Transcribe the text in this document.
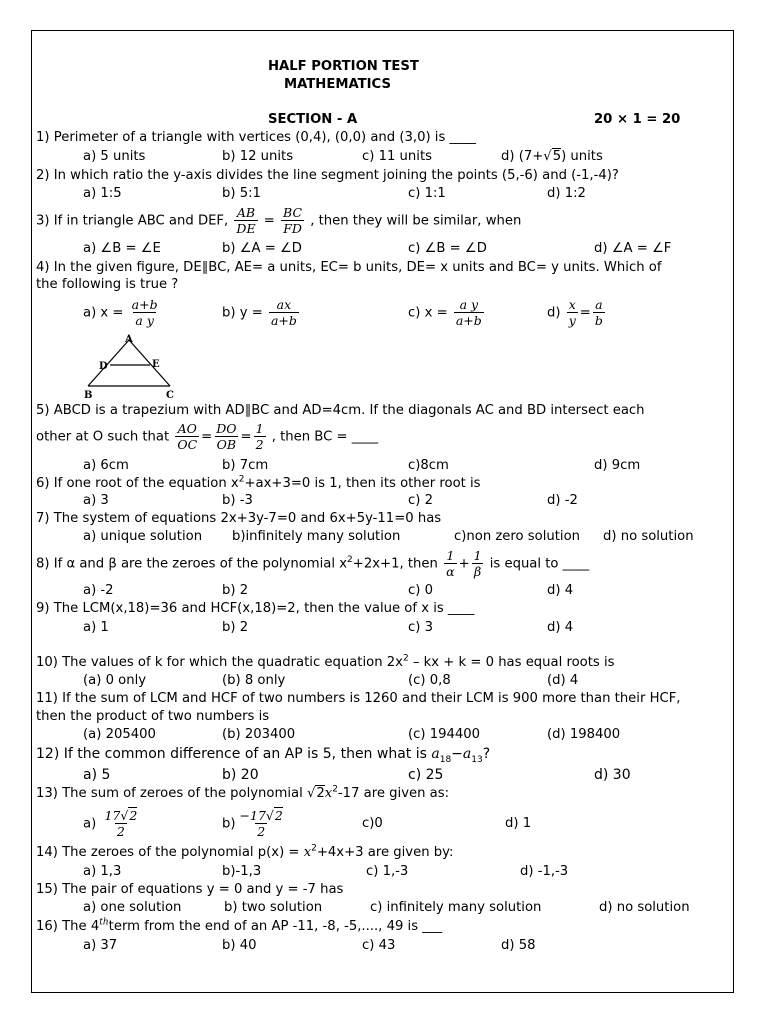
HALF PORTION TEST
MATHEMATICS
SECTION - A	20 × 1 = 20
1) Perimeter of a triangle with vertices (0,4), (0,0) and (3,0) is ____
a) 5 units	b) 12 units	c) 11 units	d) (7+√5) units
2) In which ratio the y-axis divides the line segment joining the points (5,-6) and (-1,-4)?
a) 1:5	b) 5:1	c) 1:1	d) 1:2
3) If in triangle ABC and DEF, $\frac{AB}{DE} = \frac{BC}{FD}$ , then they will be similar, when
a) ∠B = ∠E	b) ∠A = ∠D	c) ∠B = ∠D	d) ∠A = ∠F
4) In the given figure, DE∥BC, AE= a units, EC= b units, DE= x units and BC= y units. Which of
the following is true ?
a) $x = \frac{a+b}{\text{a y}}$	b) $y = \frac{ax}{a+b}$	c) $x = \frac{\text{a y}}{a+b}$	$d) \frac{x}{y} = \frac{a}{b}$
A
D	E
B	C
5) ABCD is a trapezium with AD∥BC and AD=4cm. If the diagonals AC and BD intersect each
other at O such that $\frac{AO}{OC} = \frac{DO}{OB} = \frac{1}{2}$ , then BC = ____
a) 6cm	b) 7cm	c)8cm	d) 9cm
6) If one root of the equation $x^2+ax+3=0$ is 1, then its other root is
a) 3	b) -3	c) 2	d) -2
7) The system of equations 2x+3y-7=0 and 6x+5y-11=0 has
a) unique solution b)infinitely many solution	c)non zero solution d) no solution
8) If α and β are the zeroes of the polynomial $x^2+2x+1$, then $\frac{1}{\alpha} + \frac{1}{\beta}$ is equal to ____
a) -2	b) 2	c) 0	d) 4
9) The LCM(x,18)=36 and HCF(x,18)=2, then the value of x is ____
a) 1	b) 2	c) 3	d) 4
10) The values of k for which the quadratic equation $2x^2$ – kx + k = 0 has equal roots is
(a) 0 only	(b) 8 only	(c) 0,8	(d) 4
11) If the sum of LCM and HCF of two numbers is 1260 and their LCM is 900 more than their HCF,
then the product of two numbers is
(a) 205400	(b) 203400	(c) 194400	(d) 198400
12) If the common difference of an AP is 5, then what is $a_{18}-a_{13}$?
a) 5	b) 20	c) 25	d) 30
13) The sum of zeroes of the polynomial $√2x^2-17$ are given as:
$a) \frac{17√2}{2}$	$b) \frac{-17√2}{2}$	c)0	d) 1
14) The zeroes of the polynomial $p(x) = x^2+4x+3$ are given by:
a) 1,3	b)-1,3	c) 1,-3	d) -1,-3
15) The pair of equations y = 0 and y = -7 has
a) one solution	b) two solution	c) infinitely many solution	d) no solution
16) The 4thterm from the end of an AP -11, -8, -5,...., 49 is ___
a) 37	b) 40	c) 43	d) 58
